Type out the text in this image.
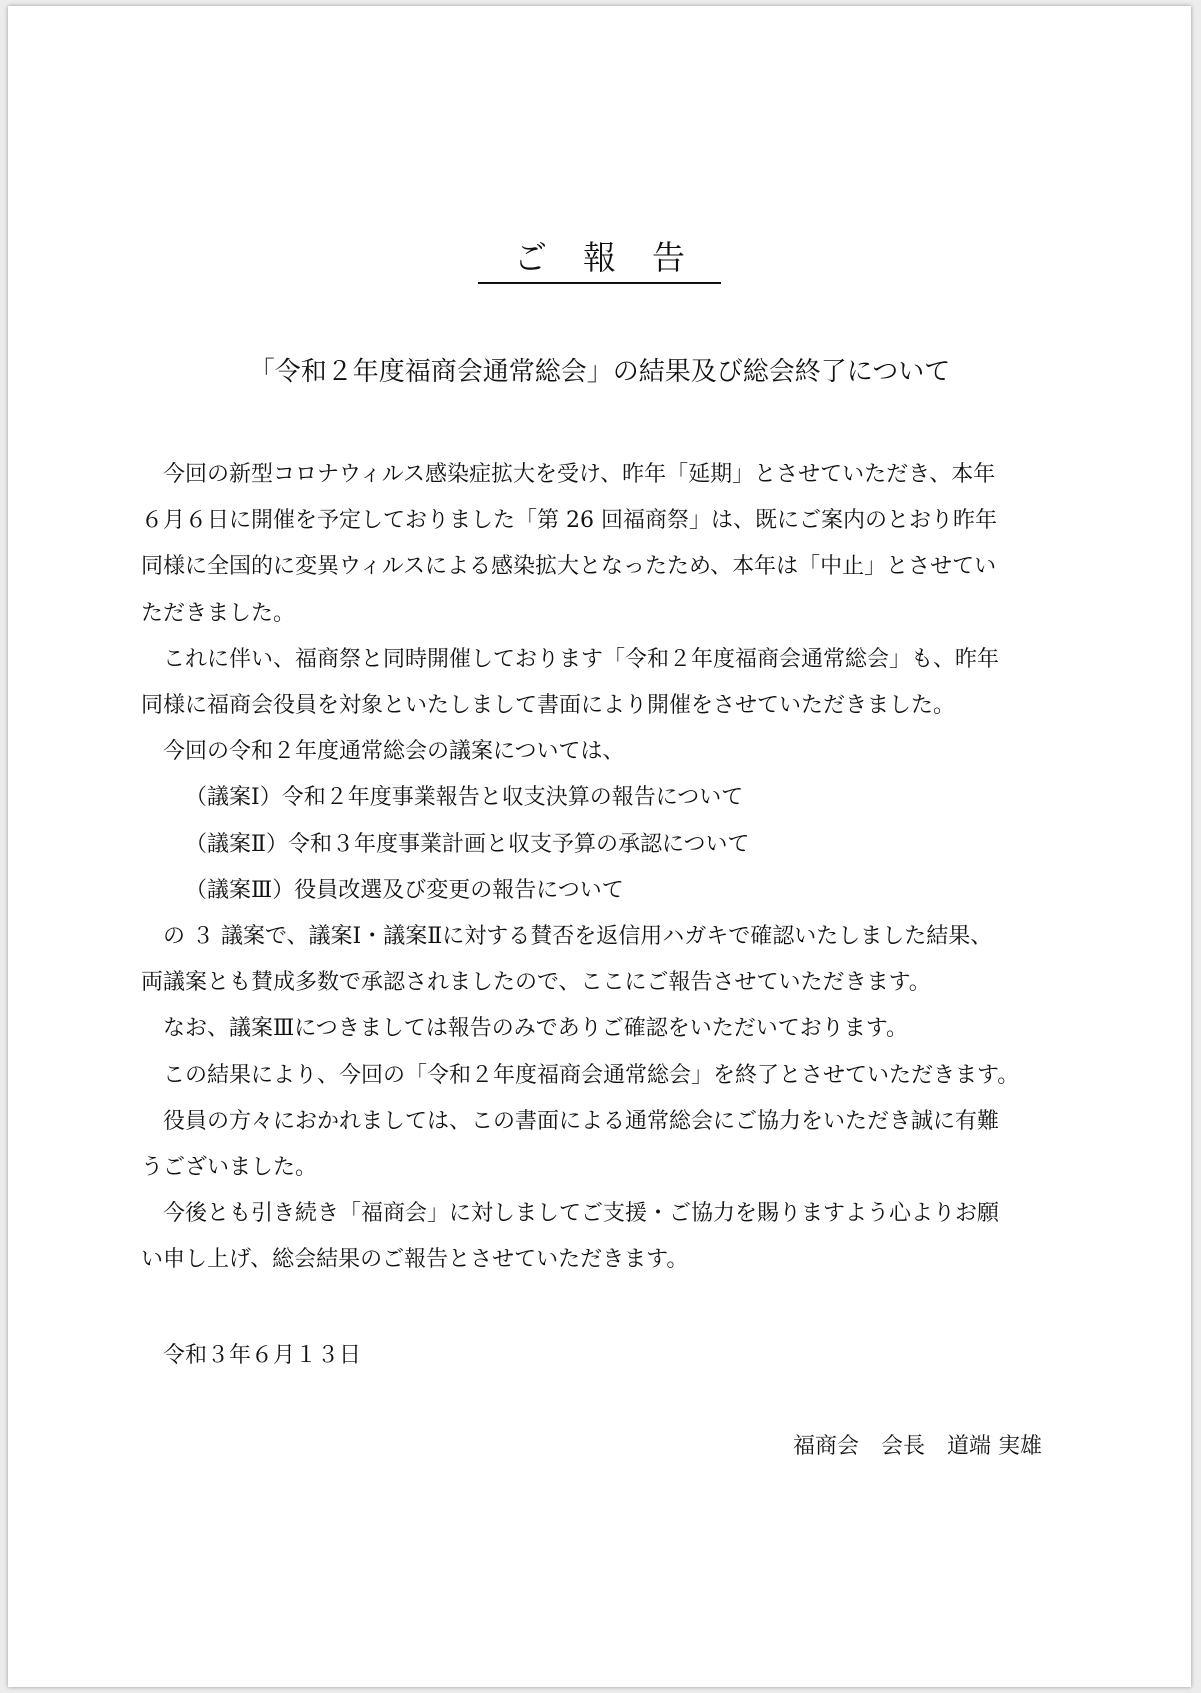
ご報告
「令和２年度福商会通常総会」の結果及び総会終了について

　今回の新型コロナウィルス感染症拡大を受け、昨年「延期」とさせていただき、本年

６月６日に開催を予定しておりました「第 26 回福商祭」は、既にご案内のとおり昨年

同様に全国的に変異ウィルスによる感染拡大となったため、本年は「中止」とさせてい

ただきました。

　これに伴い、福商祭と同時開催しております「令和２年度福商会通常総会」も、昨年

同様に福商会役員を対象といたしまして書面により開催をさせていただきました。

　今回の令和２年度通常総会の議案については、

（議案Ⅰ）令和２年度事業報告と収支決算の報告について

（議案Ⅱ）令和３年度事業計画と収支予算の承認について

（議案Ⅲ）役員改選及び変更の報告について

　の ３ 議案で、議案Ⅰ・議案Ⅱに対する賛否を返信用ハガキで確認いたしました結果、

両議案とも賛成多数で承認されましたので、ここにご報告させていただきます。

　なお、議案Ⅲにつきましては報告のみでありご確認をいただいております。

　この結果により、今回の「令和２年度福商会通常総会」を終了とさせていただきます。

　役員の方々におかれましては、この書面による通常総会にご協力をいただき誠に有難

うございました。

　今後とも引き続き「福商会」に対しましてご支援・ご協力を賜りますよう心よりお願

い申し上げ、総会結果のご報告とさせていただきます。

令和３年６月１３日
福商会　会長　道端 実雄
